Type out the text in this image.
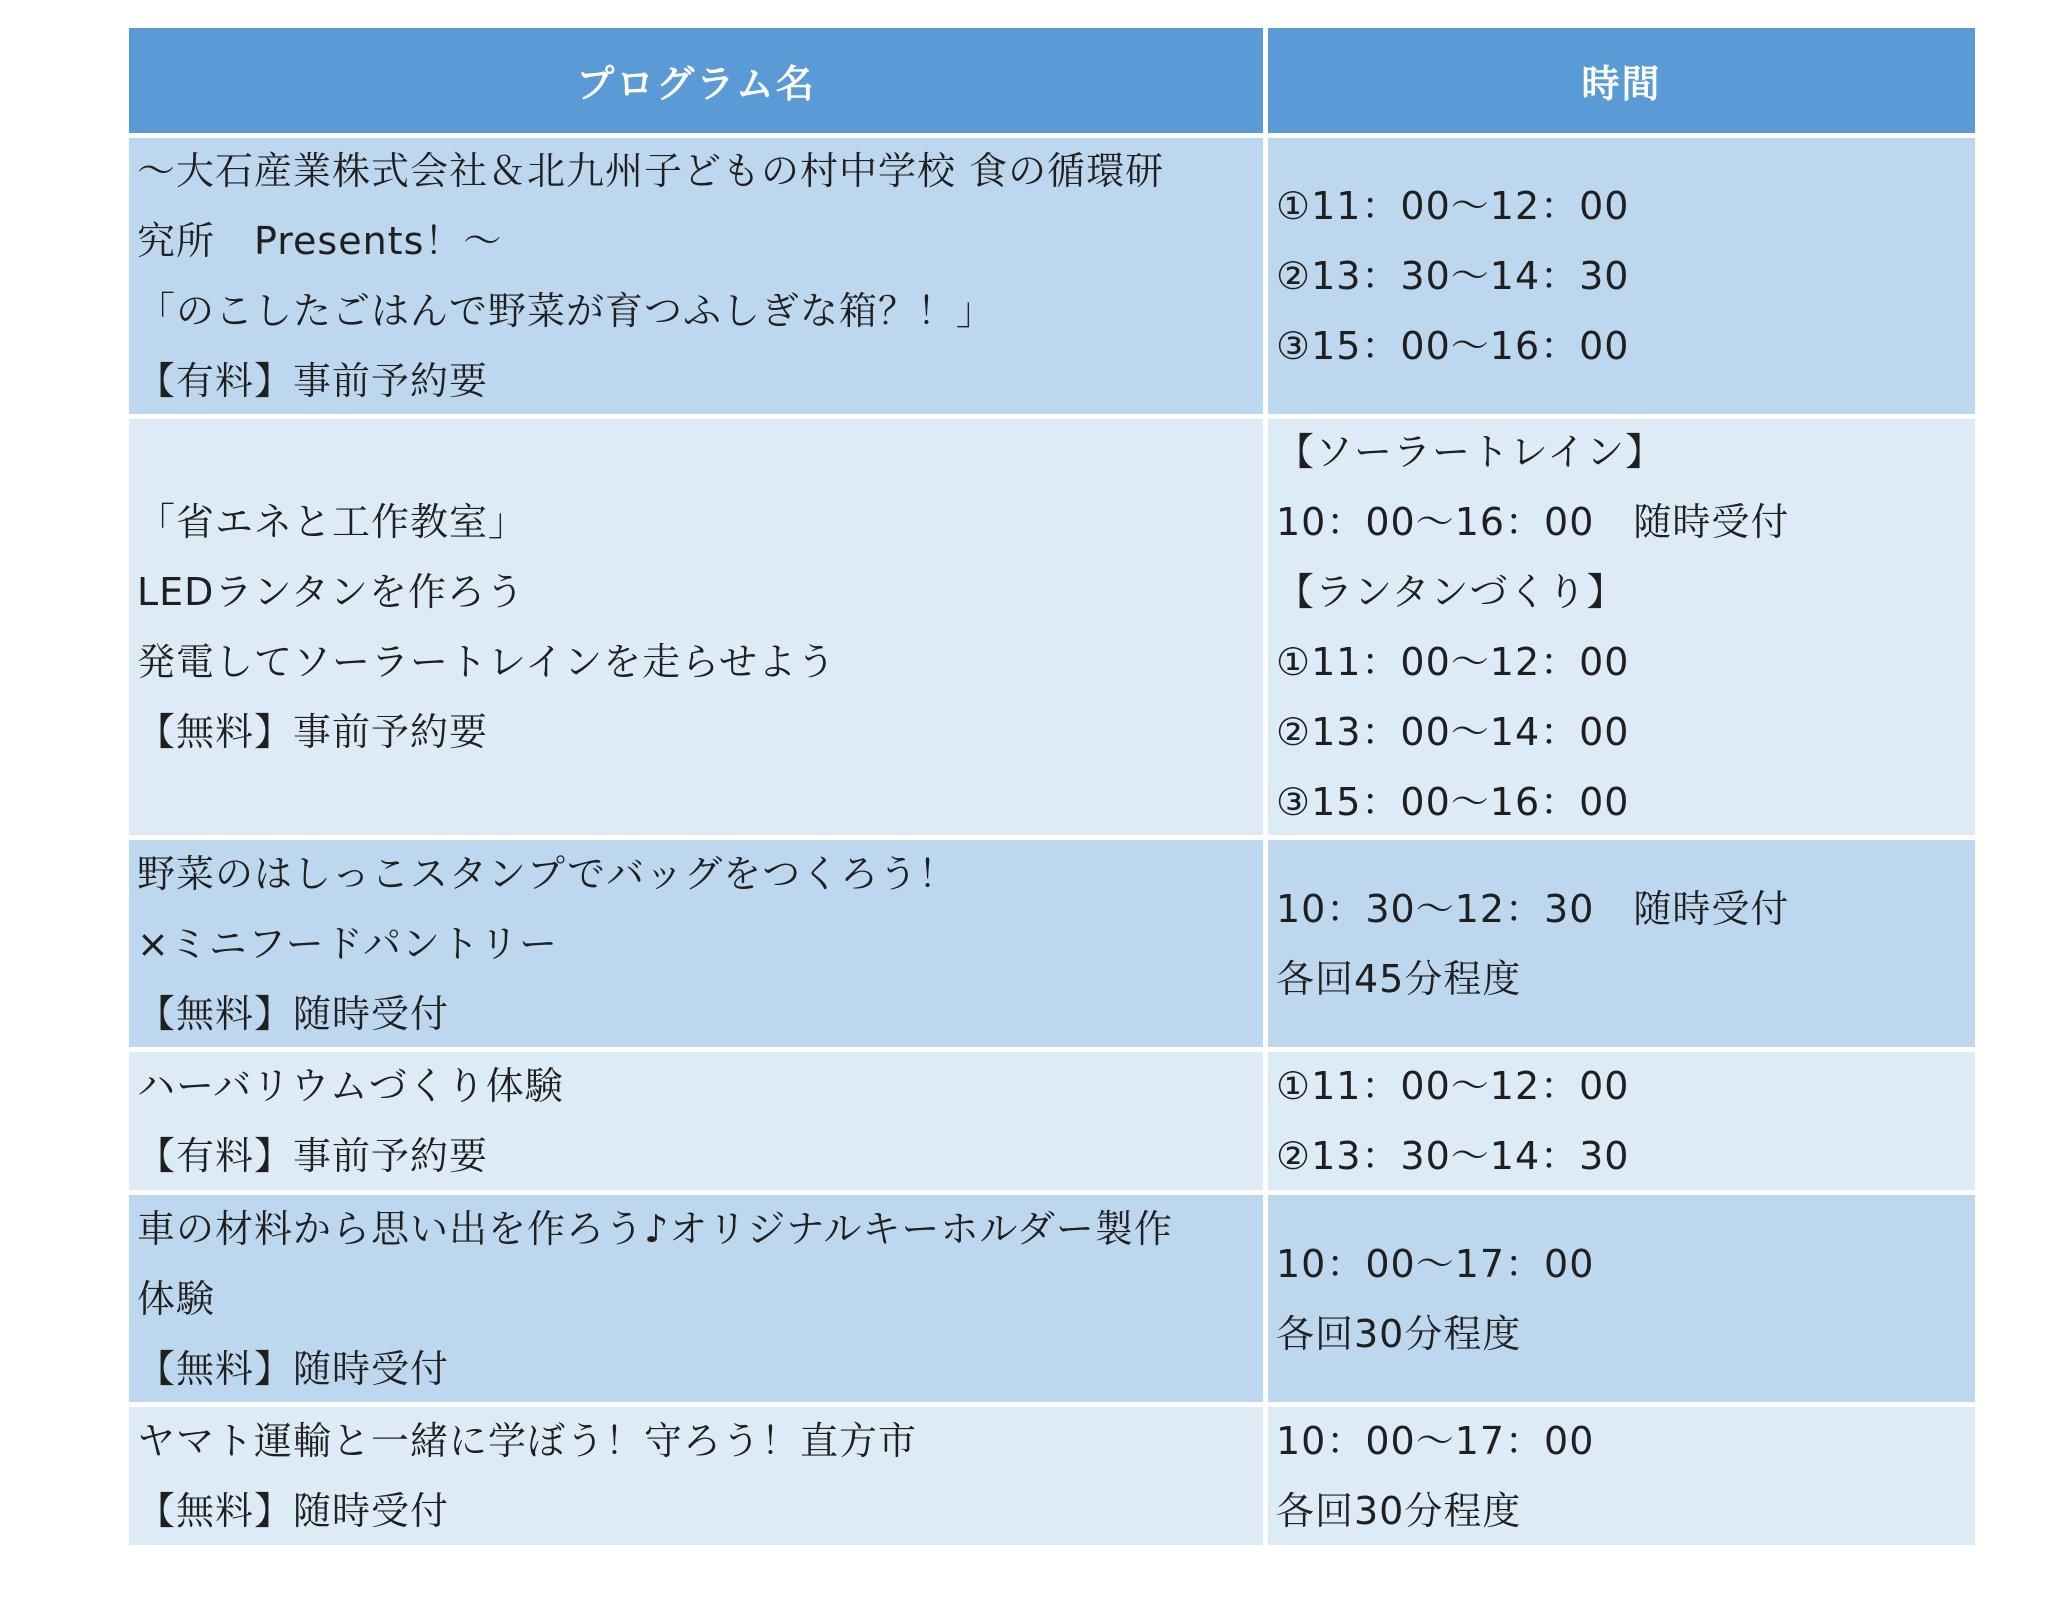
プログラム名	時間
～大石産業株式会社＆北九州子どもの村中学校 食の循環研
究所　Presents！～
「のこしたごはんで野菜が育つふしぎな箱？！」
【有料】事前予約要
①11：00～12：00
②13：30～14：30
③15：00～16：00
「省エネと工作教室」
LEDランタンを作ろう
発電してソーラートレインを走らせよう
【無料】事前予約要
【ソーラートレイン】
10：00～16：00　随時受付
【ランタンづくり】
①11：00～12：00
②13：00～14：00
③15：00～16：00
野菜のはしっこスタンプでバッグをつくろう！
×ミニフードパントリー
【無料】随時受付
10：30～12：30　随時受付
各回45分程度
ハーバリウムづくり体験
【有料】事前予約要
①11：00～12：00
②13：30～14：30
車の材料から思い出を作ろう♪オリジナルキーホルダー製作
体験
【無料】随時受付
10：00～17：00
各回30分程度
ヤマト運輸と一緒に学ぼう！守ろう！直方市
【無料】随時受付
10：00～17：00
各回30分程度
